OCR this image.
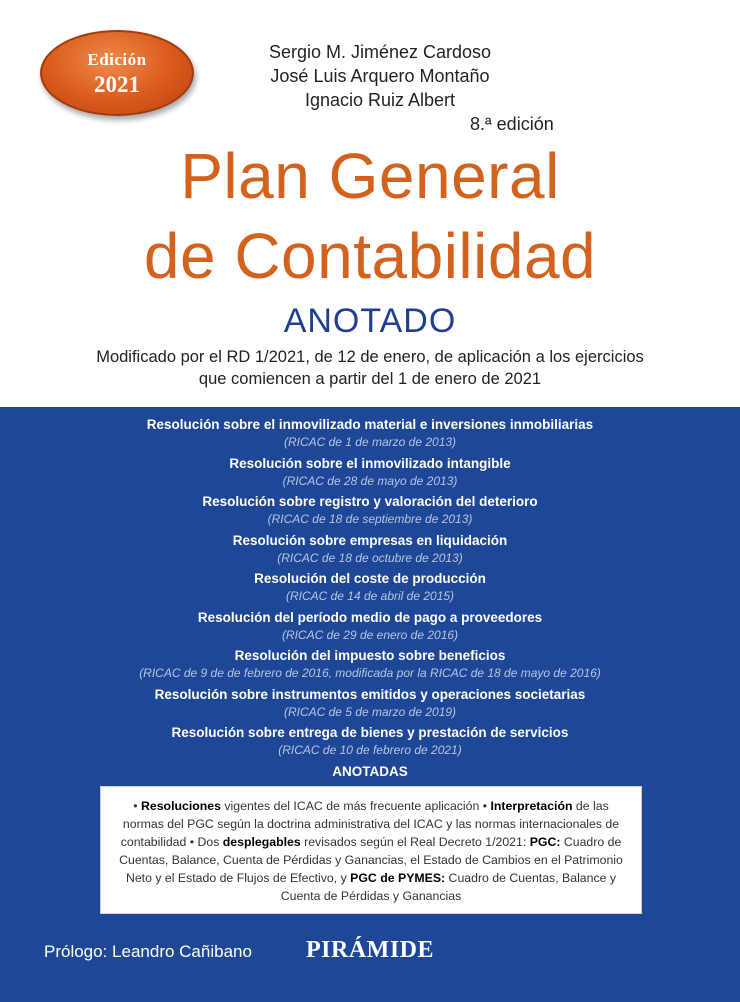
Edición
2021
Sergio M. Jiménez Cardoso
José Luis Arquero Montaño
Ignacio Ruiz Albert
8.ª edición
Plan General
de Contabilidad
ANOTADO
Modificado por el RD 1/2021, de 12 de enero, de aplicación a los ejercicios
que comiencen a partir del 1 de enero de 2021
Resolución sobre el inmovilizado material e inversiones inmobiliarias
(RICAC de 1 de marzo de 2013)
Resolución sobre el inmovilizado intangible
(RICAC de 28 de mayo de 2013)
Resolución sobre registro y valoración del deterioro
(RICAC de 18 de septiembre de 2013)
Resolución sobre empresas en liquidación
(RICAC de 18 de octubre de 2013)
Resolución del coste de producción
(RICAC de 14 de abril de 2015)
Resolución del período medio de pago a proveedores
(RICAC de 29 de enero de 2016)
Resolución del impuesto sobre beneficios
(RICAC de 9 de de febrero de 2016, modificada por la RICAC de 18 de mayo de 2016)
Resolución sobre instrumentos emitidos y operaciones societarias
(RICAC de 5 de marzo de 2019)
Resolución sobre entrega de bienes y prestación de servicios
(RICAC de 10 de febrero de 2021)
ANOTADAS
• Resoluciones vigentes del ICAC de más frecuente aplicación • Interpretación de las normas del PGC según la doctrina administrativa del ICAC y las normas internacionales de contabilidad • Dos desplegables revisados según el Real Decreto 1/2021: PGC: Cuadro de Cuentas, Balance, Cuenta de Pérdidas y Ganancias, el Estado de Cambios en el Patrimonio Neto y el Estado de Flujos de Efectivo, y PGC de PYMES: Cuadro de Cuentas, Balance y Cuenta de Pérdidas y Ganancias
Prólogo: Leandro Cañibano PIRÁMIDE
